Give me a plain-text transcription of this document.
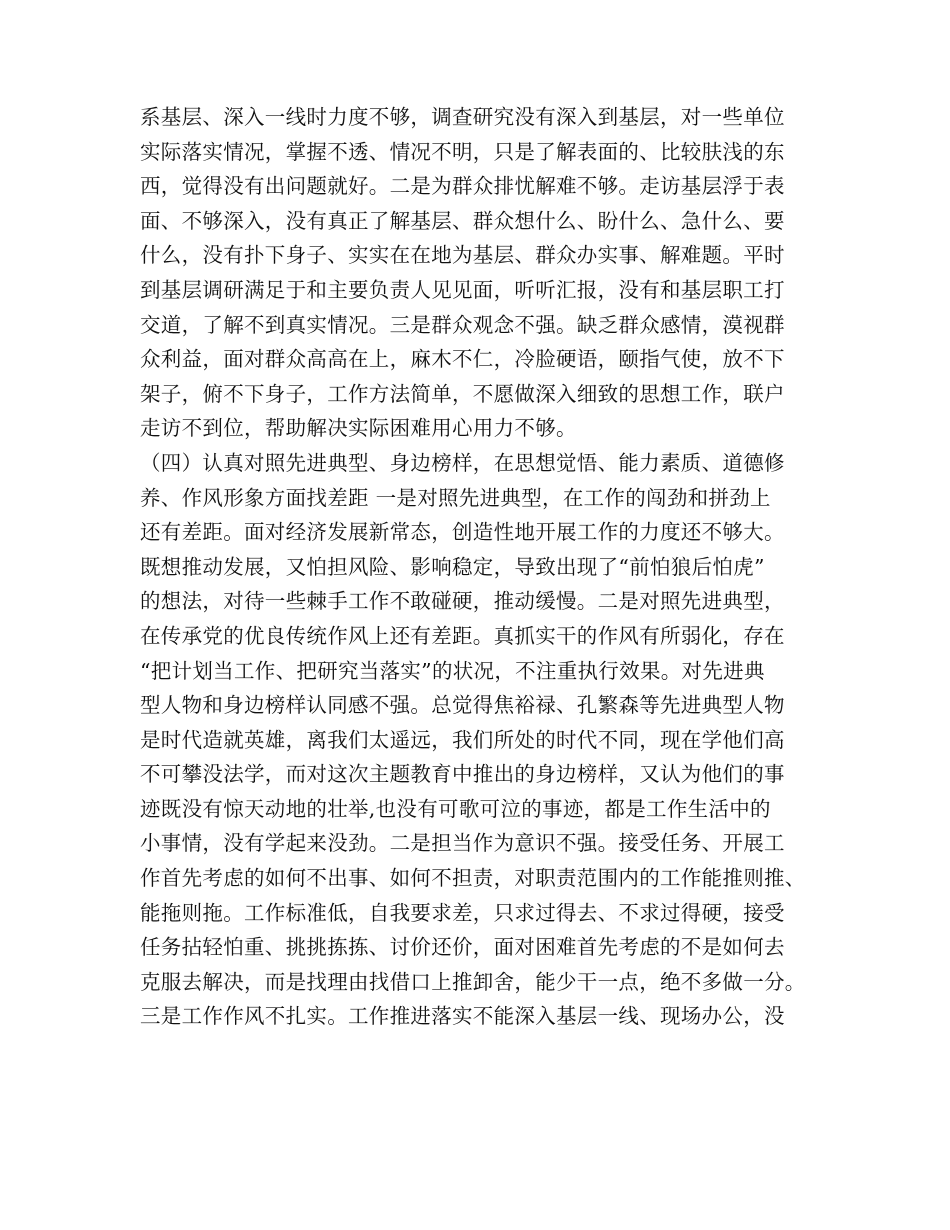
系基层、深入一线时力度不够，调查研究没有深入到基层，对一些单位
实际落实情况，掌握不透、情况不明，只是了解表面的、比较肤浅的东
西，觉得没有出问题就好。二是为群众排忧解难不够。走访基层浮于表
面、不够深入，没有真正了解基层、群众想什么、盼什么、急什么、要
什么，没有扑下身子、实实在在地为基层、群众办实事、解难题。平时
到基层调研满足于和主要负责人见见面，听听汇报，没有和基层职工打
交道，了解不到真实情况。三是群众观念不强。缺乏群众感情，漠视群
众利益，面对群众高高在上，麻木不仁，冷脸硬语，颐指气使，放不下
架子，俯不下身子，工作方法简单，不愿做深入细致的思想工作，联户
走访不到位，帮助解决实际困难用心用力不够。
（四）认真对照先进典型、身边榜样，在思想觉悟、能力素质、道德修
养、作风形象方面找差距 一是对照先进典型，在工作的闯劲和拼劲上
还有差距。面对经济发展新常态，创造性地开展工作的力度还不够大。
既想推动发展，又怕担风险、影响稳定，导致出现了“前怕狼后怕虎”
的想法，对待一些棘手工作不敢碰硬，推动缓慢。二是对照先进典型，
在传承党的优良传统作风上还有差距。真抓实干的作风有所弱化，存在
“把计划当工作、把研究当落实”的状况，不注重执行效果。对先进典
型人物和身边榜样认同感不强。总觉得焦裕禄、孔繁森等先进典型人物
是时代造就英雄，离我们太遥远，我们所处的时代不同，现在学他们高
不可攀没法学，而对这次主题教育中推出的身边榜样，又认为他们的事
迹既没有惊天动地的壮举,也没有可歌可泣的事迹，都是工作生活中的
小事情，没有学起来没劲。二是担当作为意识不强。接受任务、开展工
作首先考虑的如何不出事、如何不担责，对职责范围内的工作能推则推、
能拖则拖。工作标准低，自我要求差，只求过得去、不求过得硬，接受
任务拈轻怕重、挑挑拣拣、讨价还价，面对困难首先考虑的不是如何去
克服去解决，而是找理由找借口上推卸舍，能少干一点，绝不多做一分。
三是工作作风不扎实。工作推进落实不能深入基层一线、现场办公，没
